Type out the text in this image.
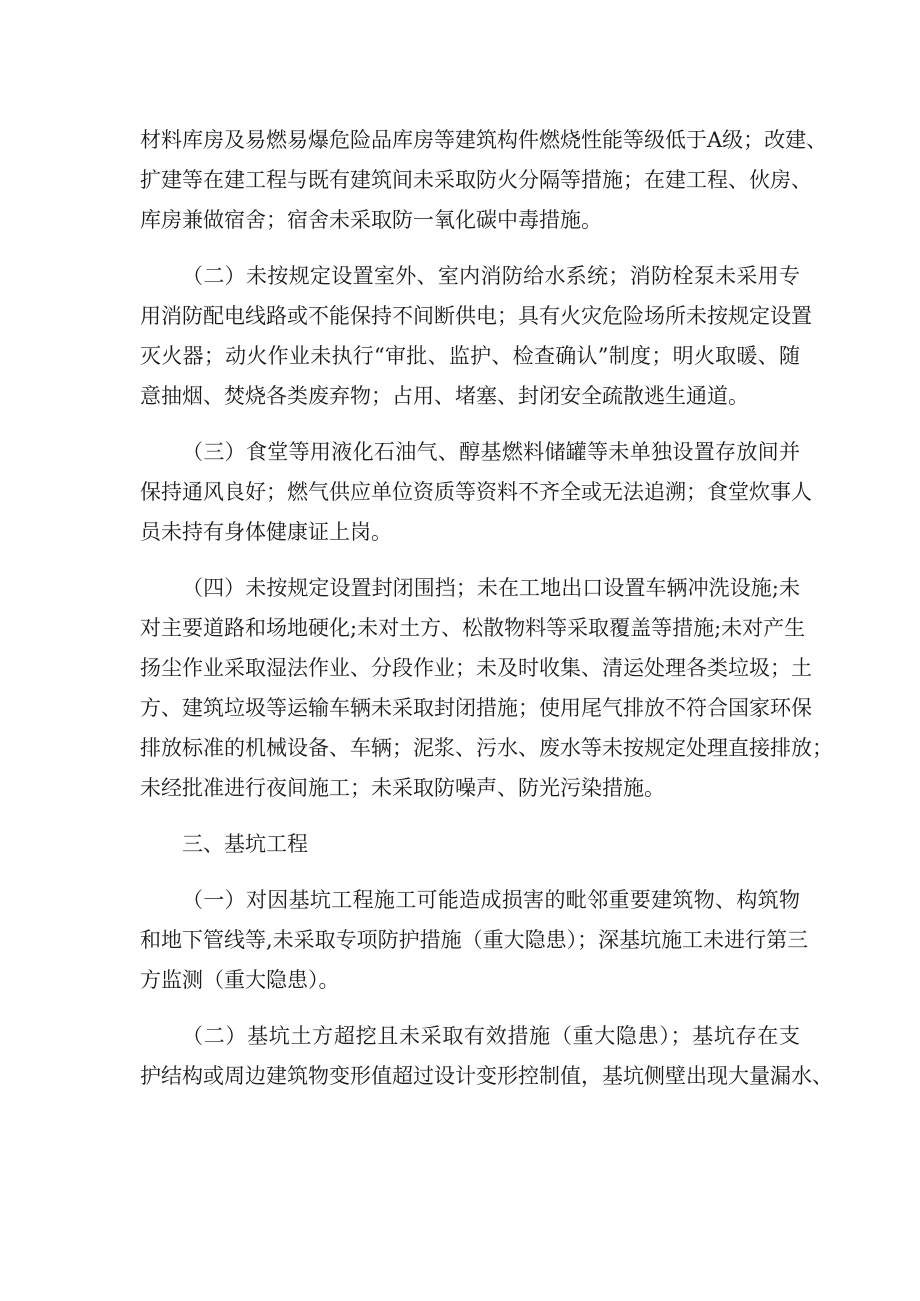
材料库房及易燃易爆危险品库房等建筑构件燃烧性能等级低于A级；改建、
扩建等在建工程与既有建筑间未采取防火分隔等措施；在建工程、伙房、
库房兼做宿舍；宿舍未采取防一氧化碳中毒措施。
（二）未按规定设置室外、室内消防给水系统；消防栓泵未采用专
用消防配电线路或不能保持不间断供电；具有火灾危险场所未按规定设置
灭火器；动火作业未执行“审批、监护、检查确认”制度；明火取暖、随
意抽烟、焚烧各类废弃物；占用、堵塞、封闭安全疏散逃生通道。
（三）食堂等用液化石油气、醇基燃料储罐等未单独设置存放间并
保持通风良好；燃气供应单位资质等资料不齐全或无法追溯；食堂炊事人
员未持有身体健康证上岗。
（四）未按规定设置封闭围挡；未在工地出口设置车辆冲洗设施;未
对主要道路和场地硬化;未对土方、松散物料等采取覆盖等措施;未对产生
扬尘作业采取湿法作业、分段作业；未及时收集、清运处理各类垃圾；土
方、建筑垃圾等运输车辆未采取封闭措施；使用尾气排放不符合国家环保
排放标准的机械设备、车辆；泥浆、污水、废水等未按规定处理直接排放；
未经批准进行夜间施工；未采取防噪声、防光污染措施。
三、基坑工程
（一）对因基坑工程施工可能造成损害的毗邻重要建筑物、构筑物
和地下管线等,未采取专项防护措施（重大隐患）；深基坑施工未进行第三
方监测（重大隐患）。
（二）基坑土方超挖且未采取有效措施（重大隐患）；基坑存在支
护结构或周边建筑物变形值超过设计变形控制值，基坑侧壁出现大量漏水、
